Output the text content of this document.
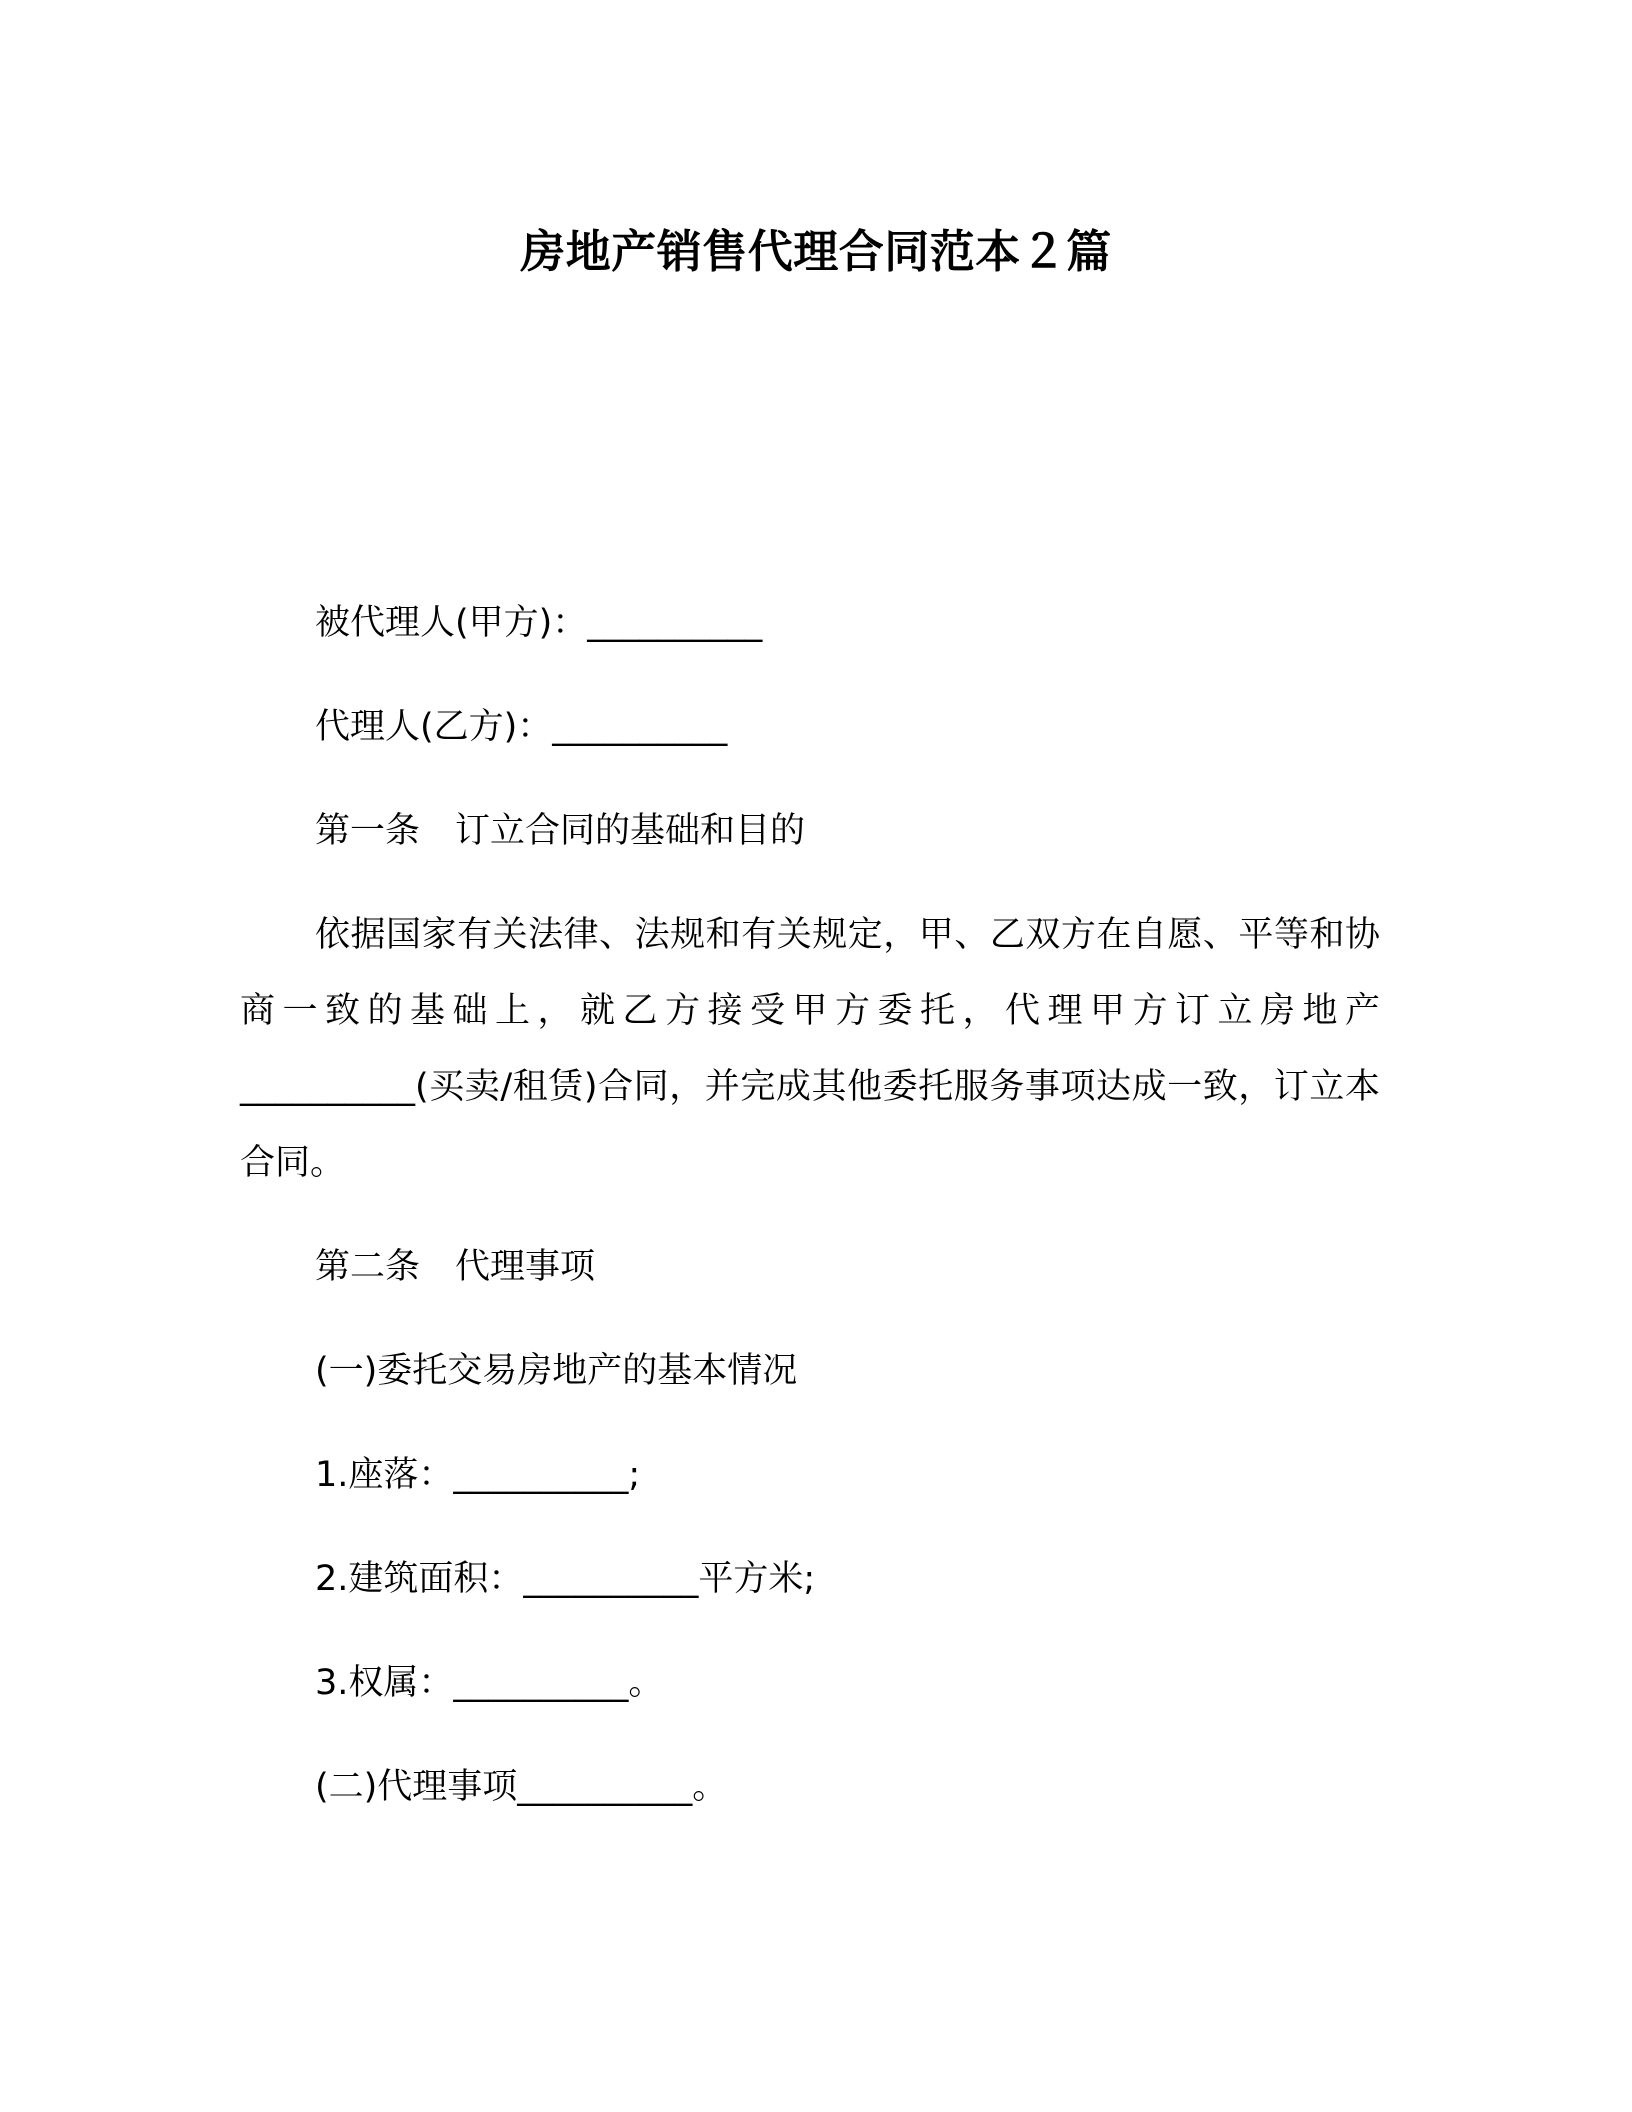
房地产销售代理合同范本２篇

被代理人(甲方)：__________

代理人(乙方)：__________

第一条　订立合同的基础和目的

依据国家有关法律、法规和有关规定，甲、乙双方在自愿、平等和协商一致的基础上，就乙方接受甲方委托，代理甲方订立房地产__________(买卖/租赁)合同，并完成其他委托服务事项达成一致，订立本合同。

第二条　代理事项

(一)委托交易房地产的基本情况

1.座落：__________;

2.建筑面积：__________平方米;

3.权属：__________。

(二)代理事项__________。
